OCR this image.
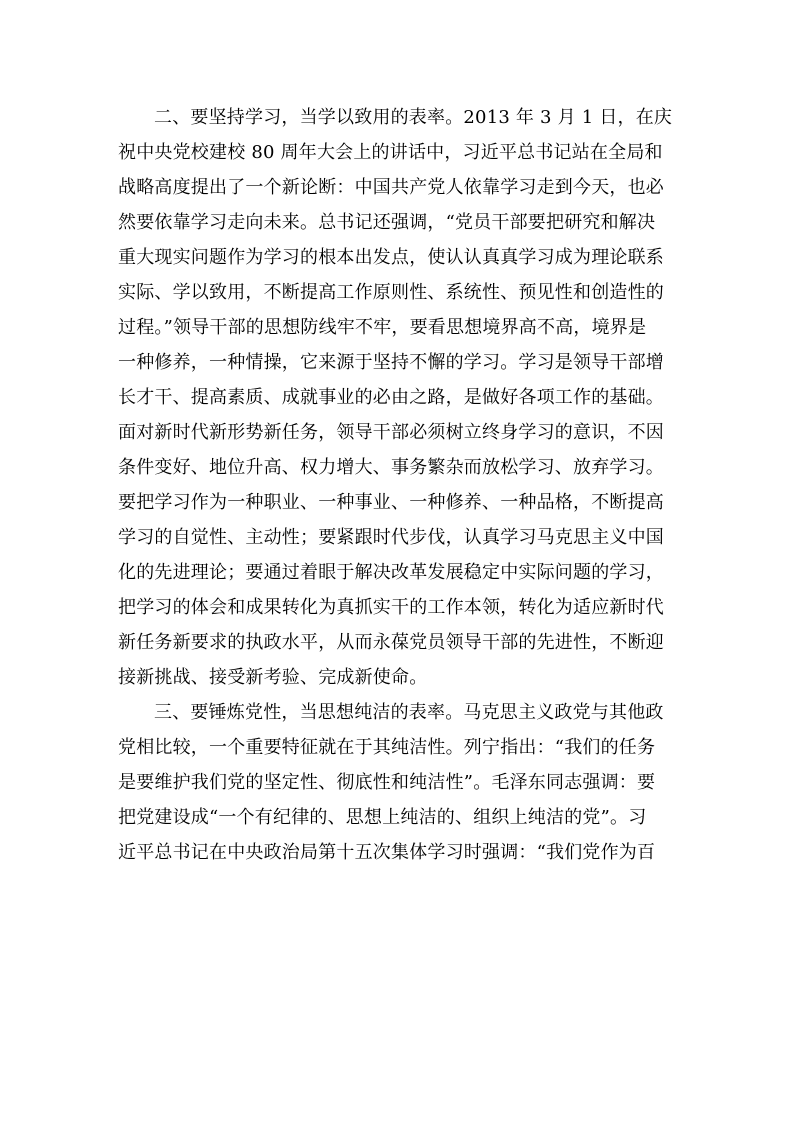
二、要坚持学习，当学以致用的表率。2013 年 3 月 1 日，在庆
祝中央党校建校 80 周年大会上的讲话中，习近平总书记站在全局和
战略高度提出了一个新论断：中国共产党人依靠学习走到今天，也必
然要依靠学习走向未来。总书记还强调，“党员干部要把研究和解决
重大现实问题作为学习的根本出发点，使认认真真学习成为理论联系
实际、学以致用，不断提高工作原则性、系统性、预见性和创造性的
过程。”领导干部的思想防线牢不牢，要看思想境界高不高，境界是
一种修养，一种情操，它来源于坚持不懈的学习。学习是领导干部增
长才干、提高素质、成就事业的必由之路，是做好各项工作的基础。
面对新时代新形势新任务，领导干部必须树立终身学习的意识，不因
条件变好、地位升高、权力增大、事务繁杂而放松学习、放弃学习。
要把学习作为一种职业、一种事业、一种修养、一种品格，不断提高
学习的自觉性、主动性；要紧跟时代步伐，认真学习马克思主义中国
化的先进理论；要通过着眼于解决改革发展稳定中实际问题的学习，
把学习的体会和成果转化为真抓实干的工作本领，转化为适应新时代
新任务新要求的执政水平，从而永葆党员领导干部的先进性，不断迎
接新挑战、接受新考验、完成新使命。
三、要锤炼党性，当思想纯洁的表率。马克思主义政党与其他政
党相比较，一个重要特征就在于其纯洁性。列宁指出：“我们的任务
是要维护我们党的坚定性、彻底性和纯洁性”。毛泽东同志强调：要
把党建设成“一个有纪律的、思想上纯洁的、组织上纯洁的党”。习
近平总书记在中央政治局第十五次集体学习时强调：“我们党作为百
